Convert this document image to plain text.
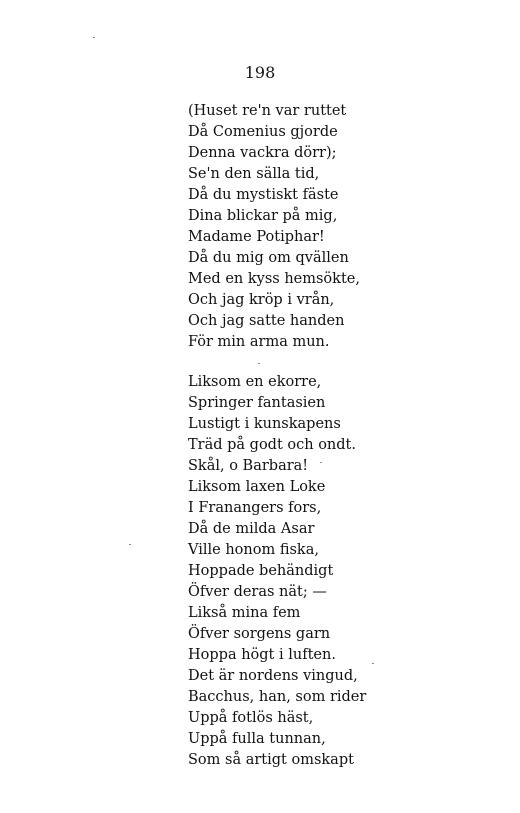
198
(Huset re'n var ruttet
Då Comenius gjorde
Denna vackra dörr);
Se'n den sälla tid,
Då du mystiskt fäste
Dina blickar på mig,
Madame Potiphar!
Då du mig om qvällen
Med en kyss hemsökte,
Och jag kröp i vrån,
Och jag satte handen
För min arma mun.
Liksom en ekorre,
Springer fantasien
Lustigt i kunskapens
Träd på godt och ondt.
Skål, o Barbara!
Liksom laxen Loke
I Franangers fors,
Då de milda Asar
Ville honom fiska,
Hoppade behändigt
Öfver deras nät; —
Likså mina fem
Öfver sorgens garn
Hoppa högt i luften.
Det är nordens vingud,
Bacchus, han, som rider
Uppå fotlös häst,
Uppå fulla tunnan,
Som så artigt omskapt
